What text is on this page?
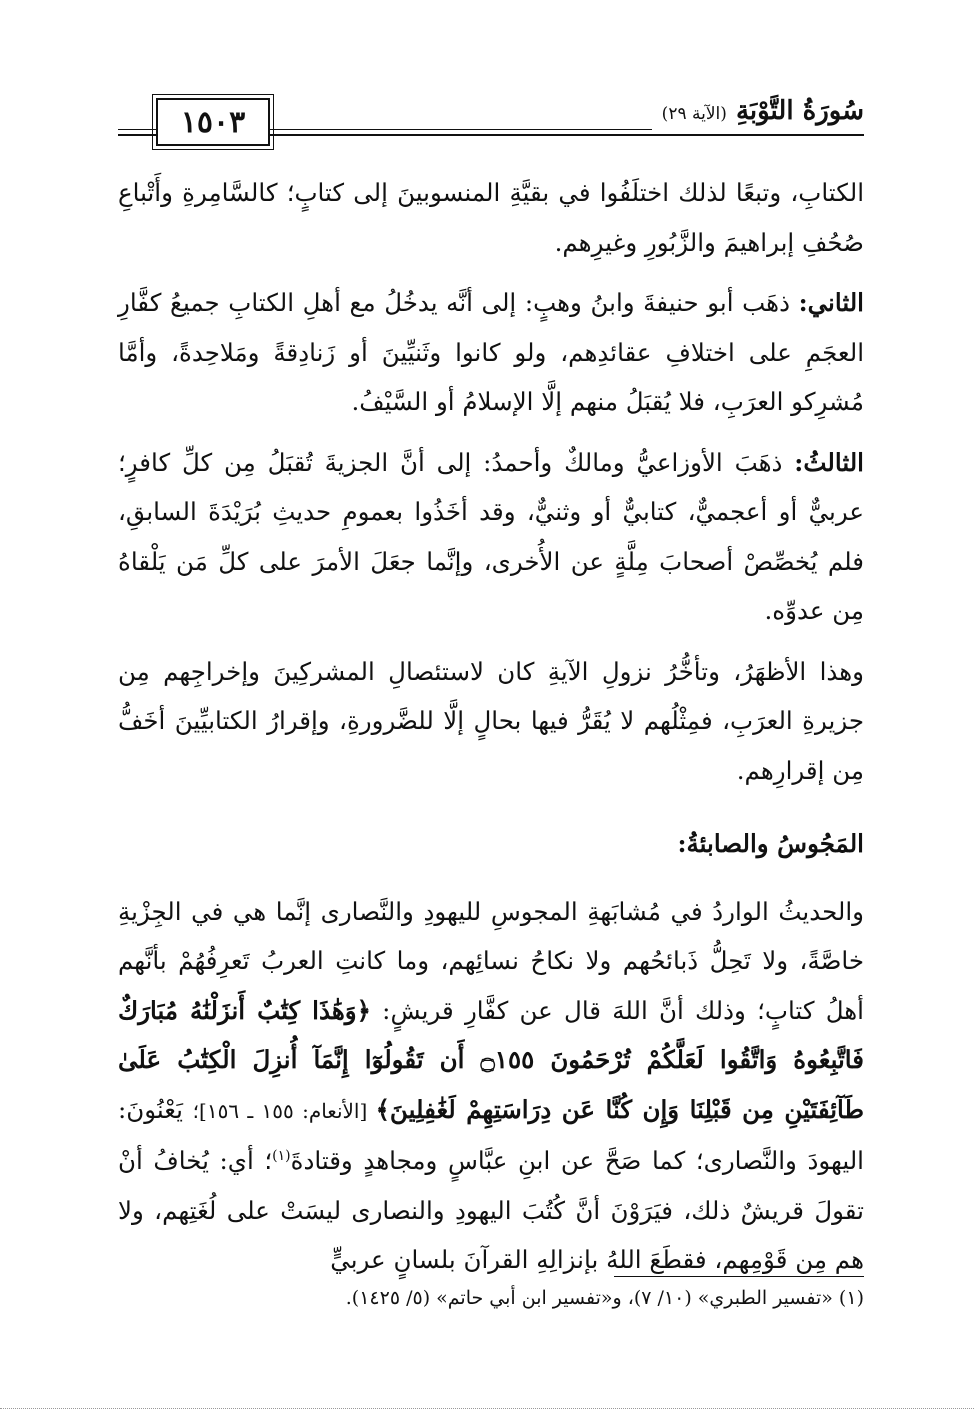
١٥٠٣	سُورَةُ التَّوْبَةِ (الآية ٢٩)

الكتابِ، وتبعًا لذلك اختلَفُوا في بقيَّةِ المنسوبينَ إلى كتابٍ؛ كالسَّامِرةِ وأَتْباعِ صُحُفِ إبراهيمَ والزَّبُورِ وغيرِهم.

الثاني: ذهَب أبو حنيفةَ وابنُ وهبٍ: إلى أنَّه يدخُلُ مع أهلِ الكتابِ جميعُ كفَّارِ العجَمِ على اختلافِ عقائدِهم، ولو كانوا وثَنيِّينَ أو زَنادِقةً ومَلاحِدةً، وأمَّا مُشرِكو العرَبِ، فلا يُقبَلُ منهم إلَّا الإسلامُ أو السَّيْفُ.

الثالثُ: ذهَبَ الأوزاعيُّ ومالكٌ وأحمدُ: إلى أنَّ الجزيةَ تُقبَلُ مِن كلِّ كافرٍ؛ عربيٌّ أو أعجميٌّ، كتابيٌّ أو وثنيٌّ، وقد أخَذُوا بعمومِ حديثِ بُرَيْدَةَ السابقِ، فلم يُخصِّصْ أصحابَ مِلَّةٍ عن الأُخرى، وإنَّما جعَلَ الأمرَ على كلِّ مَن يَلْقاهُ مِن عدوِّه.

وهذا الأظهَرُ، وتأخُّرُ نزولِ الآيةِ كان لاستئصالِ المشركِينَ وإخراجِهم مِن جزيرةِ العرَبِ، فمِثْلُهم لا يُقَرُّ فيها بحالٍ إلَّا للضَّرورةِ، وإقرارُ الكتابيِّينَ أخَفُّ مِن إقرارِهم.

المَجُوسُ والصابئةُ:

والحديثُ الواردُ في مُشابَهةِ المجوسِ لليهودِ والنَّصارى إنَّما هي في الجِزْيةِ خاصَّةً، ولا تَحِلُّ ذَبائحُهم ولا نكاحُ نسائِهم، وما كانتِ العربُ تَعرِفُهُمْ بأنَّهم أهلُ كتابٍ؛ وذلك أنَّ اللهَ قال عن كفَّارِ قريشٍ: ﴿وَهَٰذَا كِتَٰبٌ أَنزَلْنَٰهُ مُبَارَكٌ فَاتَّبِعُوهُ وَاتَّقُوا لَعَلَّكُمْ تُرْحَمُونَ ۝١٥٥ أَن تَقُولُوٓا إِنَّمَآ أُنزِلَ الْكِتَٰبُ عَلَىٰ طَآئِفَتَيْنِ مِن قَبْلِنَا وَإِن كُنَّا عَن دِرَاسَتِهِمْ لَغَٰفِلِينَ﴾ [الأنعام: ١٥٥ ـ ١٥٦]؛ يَعْنُونَ: اليهودَ والنَّصارى؛ كما صَحَّ عن ابنِ عبَّاسٍ ومجاهدٍ وقتادةَ$^{(١)}$؛ أي: يُخافُ أنْ تقولَ قريشٌ ذلك، فيَرَوْنَ أنَّ كُتُبَ اليهودِ والنصارى ليسَتْ على لُغَتِهم، ولا هم مِن قَوْمِهم، فقطَعَ اللهُ بإنزالِهِ القرآنَ بلسانٍ عربيٍّ

(١) «تفسير الطبري» (١٠/ ٧)، و«تفسير ابن أبي حاتم» (٥/ ١٤٢٥).
